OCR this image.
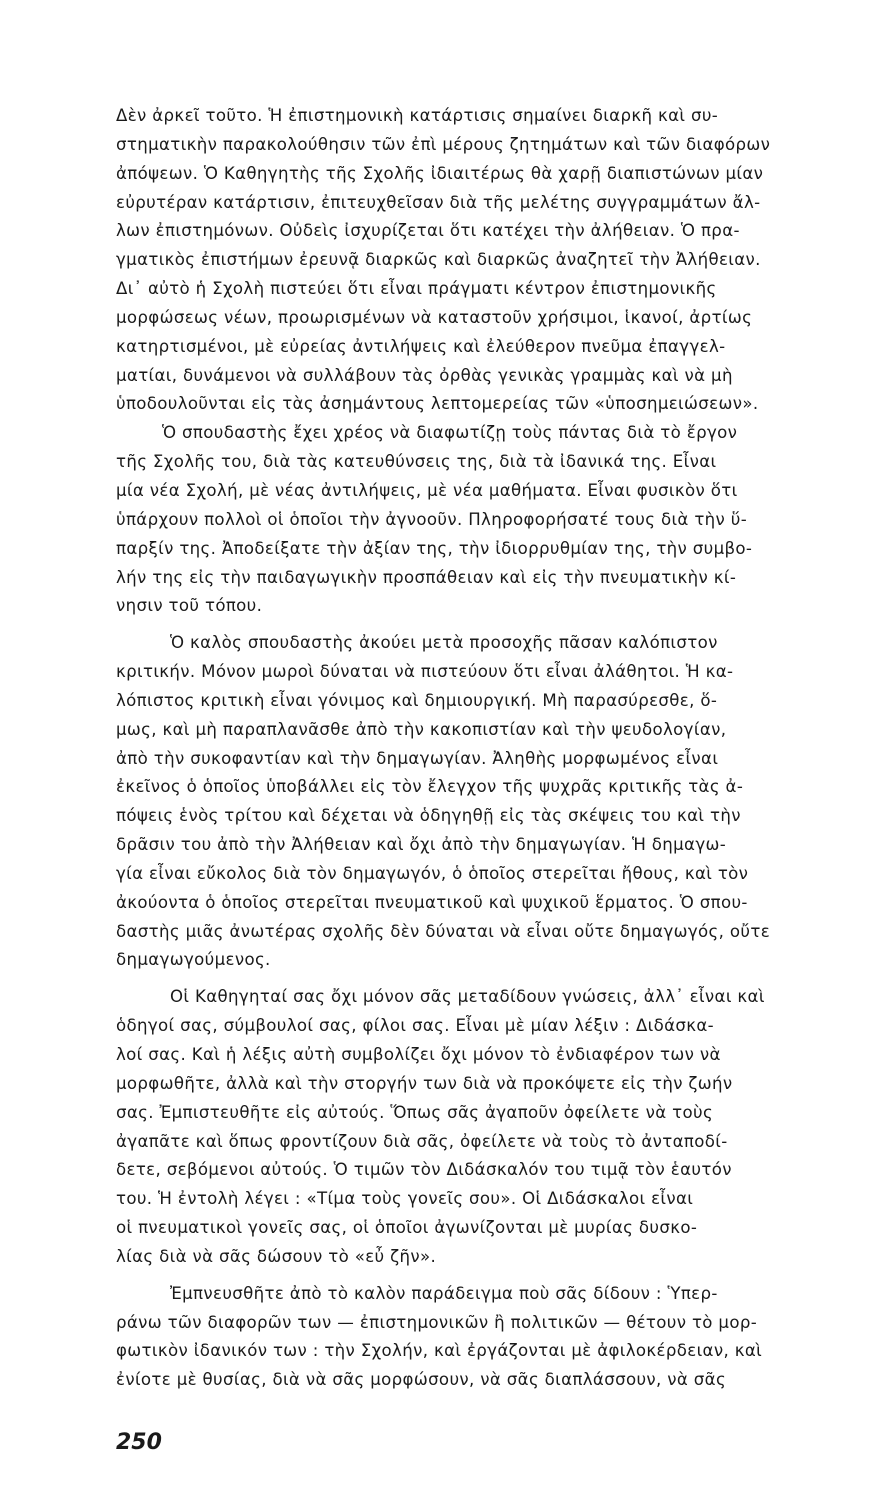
Δὲν ἀρκεῖ τοῦτο. Ἡ ἐπιστημονικὴ κατάρτισις σημαίνει διαρκῆ καὶ συ-
στηματικὴν παρακολούθησιν τῶν ἐπὶ μέρους ζητημάτων καὶ τῶν διαφόρων
ἀπόψεων. Ὁ Καθηγητὴς τῆς Σχολῆς ἰδιαιτέρως θὰ χαρῇ διαπιστώνων μίαν
εὐρυτέραν κατάρτισιν, ἐπιτευχθεῖσαν διὰ τῆς μελέτης συγγραμμάτων ἄλ-
λων ἐπιστημόνων. Οὐδεὶς ἰσχυρίζεται ὅτι κατέχει τὴν ἀλήθειαν. Ὁ πρα-
γματικὸς ἐπιστήμων ἐρευνᾷ διαρκῶς καὶ διαρκῶς ἀναζητεῖ τὴν Ἀλήθειαν.
Δι᾽ αὐτὸ ἡ Σχολὴ πιστεύει ὅτι εἶναι πράγματι κέντρον ἐπιστημονικῆς
μορφώσεως νέων, προωρισμένων νὰ καταστοῦν χρήσιμοι, ἱκανοί, ἀρτίως
κατηρτισμένοι, μὲ εὐρείας ἀντιλήψεις καὶ ἐλεύθερον πνεῦμα ἐπαγγελ-
ματίαι, δυνάμενοι νὰ συλλάβουν τὰς ὀρθὰς γενικὰς γραμμὰς καὶ νὰ μὴ
ὑποδουλοῦνται εἰς τὰς ἀσημάντους λεπτομερείας τῶν «ὑποσημειώσεων».
Ὁ σπουδαστὴς ἔχει χρέος νὰ διαφωτίζῃ τοὺς πάντας διὰ τὸ ἔργον
τῆς Σχολῆς του, διὰ τὰς κατευθύνσεις της, διὰ τὰ ἰδανικά της. Εἶναι
μία νέα Σχολή, μὲ νέας ἀντιλήψεις, μὲ νέα μαθήματα. Εἶναι φυσικὸν ὅτι
ὑπάρχουν πολλοὶ οἱ ὁποῖοι τὴν ἀγνοοῦν. Πληροφορήσατέ τους διὰ τὴν ὕ-
παρξίν της. Ἀποδείξατε τὴν ἀξίαν της, τὴν ἰδιορρυθμίαν της, τὴν συμβο-
λήν της εἰς τὴν παιδαγωγικὴν προσπάθειαν καὶ εἰς τὴν πνευματικὴν κί-
νησιν τοῦ τόπου.
Ὁ καλὸς σπουδαστὴς ἀκούει μετὰ προσοχῆς πᾶσαν καλόπιστον
κριτικήν. Μόνον μωροὶ δύναται νὰ πιστεύουν ὅτι εἶναι ἀλάθητοι. Ἡ κα-
λόπιστος κριτικὴ εἶναι γόνιμος καὶ δημιουργική. Μὴ παρασύρεσθε, ὅ-
μως, καὶ μὴ παραπλανᾶσθε ἀπὸ τὴν κακοπιστίαν καὶ τὴν ψευδολογίαν,
ἀπὸ τὴν συκοφαντίαν καὶ τὴν δημαγωγίαν. Ἀληθὴς μορφωμένος εἶναι
ἐκεῖνος ὁ ὁποῖος ὑποβάλλει εἰς τὸν ἔλεγχον τῆς ψυχρᾶς κριτικῆς τὰς ἀ-
πόψεις ἑνὸς τρίτου καὶ δέχεται νὰ ὁδηγηθῇ εἰς τὰς σκέψεις του καὶ τὴν
δρᾶσιν του ἀπὸ τὴν Ἀλήθειαν καὶ ὄχι ἀπὸ τὴν δημαγωγίαν. Ἡ δημαγω-
γία εἶναι εὔκολος διὰ τὸν δημαγωγόν, ὁ ὁποῖος στερεῖται ἤθους, καὶ τὸν
ἀκούοντα ὁ ὁποῖος στερεῖται πνευματικοῦ καὶ ψυχικοῦ ἕρματος. Ὁ σπου-
δαστὴς μιᾶς ἀνωτέρας σχολῆς δὲν δύναται νὰ εἶναι οὔτε δημαγωγός, οὔτε
δημαγωγούμενος.
Οἱ Καθηγηταί σας ὄχι μόνον σᾶς μεταδίδουν γνώσεις, ἀλλ᾽ εἶναι καὶ
ὁδηγοί σας, σύμβουλοί σας, φίλοι σας. Εἶναι μὲ μίαν λέξιν : Διδάσκα-
λοί σας. Καὶ ἡ λέξις αὐτὴ συμβολίζει ὄχι μόνον τὸ ἐνδιαφέρον των νὰ
μορφωθῆτε, ἀλλὰ καὶ τὴν στοργήν των διὰ νὰ προκόψετε εἰς τὴν ζωήν
σας. Ἐμπιστευθῆτε εἰς αὐτούς. Ὅπως σᾶς ἀγαποῦν ὀφείλετε νὰ τοὺς
ἀγαπᾶτε καὶ ὅπως φροντίζουν διὰ σᾶς, ὀφείλετε νὰ τοὺς τὸ ἀνταποδί-
δετε, σεβόμενοι αὐτούς. Ὁ τιμῶν τὸν Διδάσκαλόν του τιμᾷ τὸν ἑαυτόν
του. Ἡ ἐντολὴ λέγει : «Τίμα τοὺς γονεῖς σου». Οἱ Διδάσκαλοι εἶναι
οἱ πνευματικοὶ γονεῖς σας, οἱ ὁποῖοι ἀγωνίζονται μὲ μυρίας δυσκο-
λίας διὰ νὰ σᾶς δώσουν τὸ «εὖ ζῆν».
Ἐμπνευσθῆτε ἀπὸ τὸ καλὸν παράδειγμα ποὺ σᾶς δίδουν : Ὑπερ-
ράνω τῶν διαφορῶν των — ἐπιστημονικῶν ἢ πολιτικῶν — θέτουν τὸ μορ-
φωτικὸν ἰδανικόν των : τὴν Σχολήν, καὶ ἐργάζονται μὲ ἀφιλοκέρδειαν, καὶ
ἐνίοτε μὲ θυσίας, διὰ νὰ σᾶς μορφώσουν, νὰ σᾶς διαπλάσσουν, νὰ σᾶς
250
